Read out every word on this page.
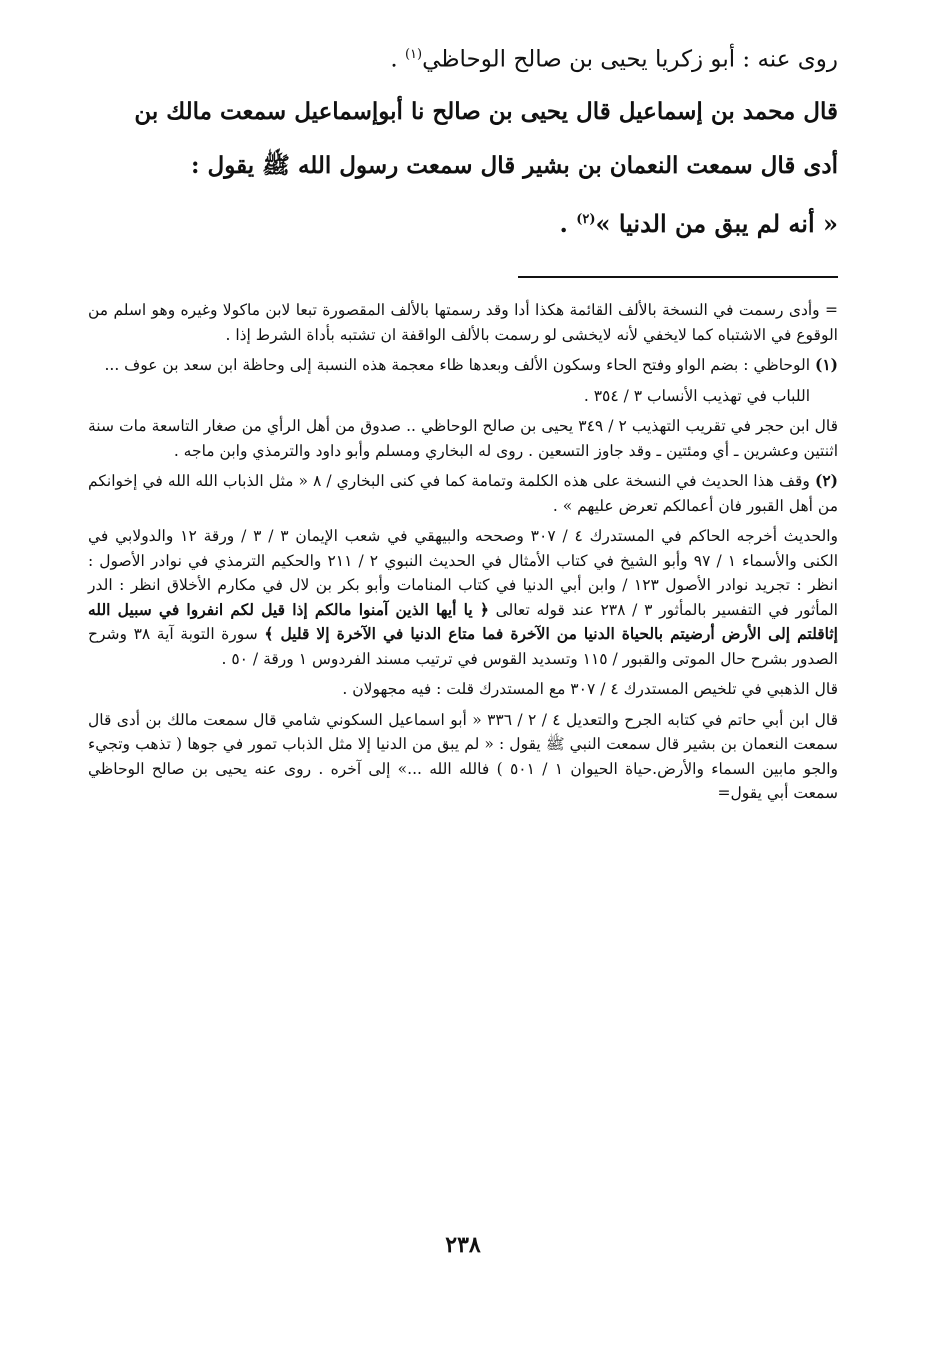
روى عنه : أبو زكريا يحيى بن صالح الوحاظي$^{(١)}$ .
قال محمد بن إسماعيل قال يحيى بن صالح نا أبوإسماعيل سمعت مالك بن
أدى قال سمعت النعمان بن بشير قال سمعت رسول الله ﷺ يقول :
« أنه لم يبق من الدنيا »$^{(٢)}$ .

= وأدى رسمت في النسخة بالألف القائمة هكذا أدا وقد رسمتها بالألف المقصورة تبعا لابن ماكولا وغيره وهو اسلم من الوقوع في الاشتباه كما لايخفي لأنه لايخشى لو رسمت بالألف الواقفة ان تشتبه بأداة الشرط إذا .

(١) الوحاظي : بضم الواو وفتح الحاء وسكون الألف وبعدها ظاء معجمة هذه النسبة إلى وحاظة ابن سعد بن عوف ...

اللباب في تهذيب الأنساب ٣ / ٣٥٤ .

قال ابن حجر في تقريب التهذيب ٢ / ٣٤٩ يحيى بن صالح الوحاظي .. صدوق من أهل الرأي من صغار التاسعة مات سنة اثنتين وعشرين ـ أي ومئتين ـ وقد جاوز التسعين . روى له البخاري ومسلم وأبو داود والترمذي وابن ماجه .

(٢) وقف هذا الحديث في النسخة على هذه الكلمة وتمامة كما في كنى البخاري / ٨ « مثل الذباب الله الله في إخوانكم من أهل القبور فان أعمالكم تعرض عليهم » .

والحديث أخرجه الحاكم في المستدرك ٤ / ٣٠٧ وصححه والبيهقي في شعب الإيمان ٣ / ٣ / ورقة ١٢ والدولابي في الكنى والأسماء ١ / ٩٧ وأبو الشيخ في كتاب الأمثال في الحديث النبوي ٢ / ٢١١ والحكيم الترمذي في نوادر الأصول : انظر : تجريد نوادر الأصول ١٢٣ / وابن أبي الدنيا في كتاب المنامات وأبو بكر بن لال في مكارم الأخلاق انظر : الدر المأثور في التفسير بالمأثور ٣ / ٢٣٨ عند قوله تعالى ﴿ يا أيها الذين آمنوا مالكم إذا قيل لكم انفروا في سبيل الله إثاقلتم إلى الأرض أرضيتم بالحياة الدنيا من الآخرة فما متاع الدنيا في الآخرة إلا قليل ﴾ سورة التوبة آية ٣٨ وشرح الصدور بشرح حال الموتى والقبور / ١١٥ وتسديد القوس في ترتيب مسند الفردوس ١ ورقة / ٥٠ .

قال الذهبي في تلخيص المستدرك ٤ / ٣٠٧ مع المستدرك قلت : فيه مجهولان .

قال ابن أبي حاتم في كتابه الجرح والتعديل ٤ / ٢ / ٣٣٦ « أبو اسماعيل السكوني شامي قال سمعت مالك بن أدى قال سمعت النعمان بن بشير قال سمعت النبي ﷺ يقول : « لم يبق من الدنيا إلا مثل الذباب تمور في جوها ( تذهب وتجيء والجو مابين السماء والأرض.حياة الحيوان ١ / ٥٠١ ) فالله الله ...» إلى آخره . روى عنه يحيى بن صالح الوحاظي سمعت أبي يقول=

٢٣٨
